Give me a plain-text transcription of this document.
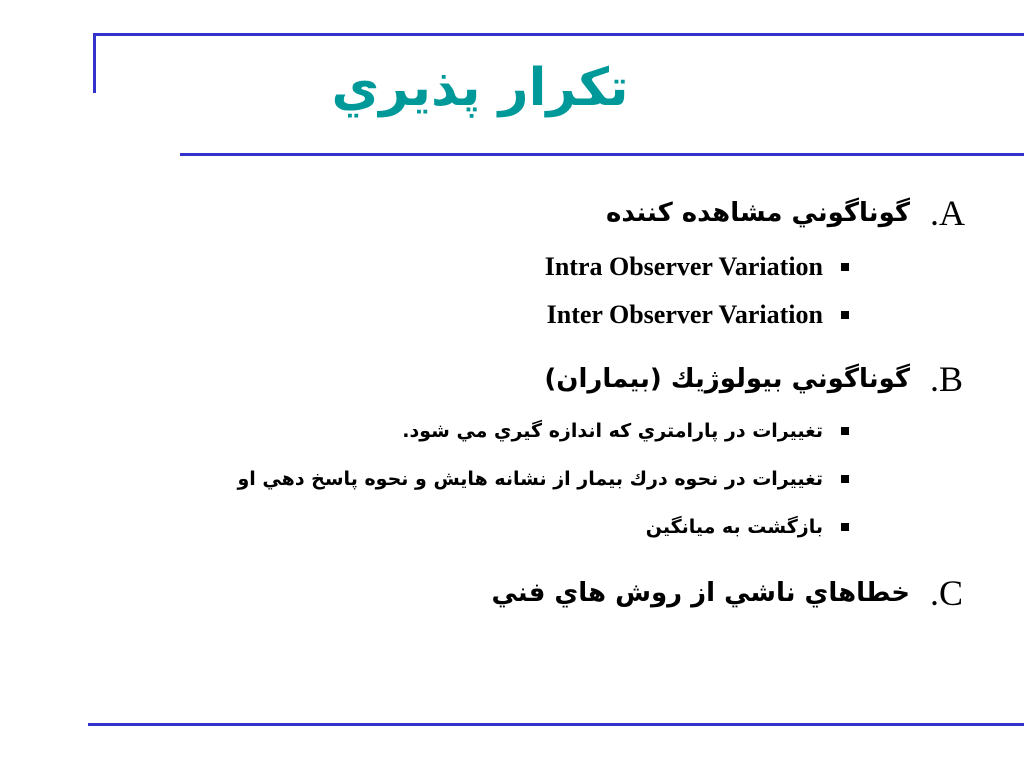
تكرار پذيري
.A
گوناگوني مشاهده كننده
Intra Observer Variation
Inter Observer Variation
.B
گوناگوني بيولوژيك (بيماران)
تغييرات در پارامتري كه اندازه گيري مي شود.
تغييرات در نحوه درك بيمار از نشانه هايش و نحوه پاسخ دهي او
بازگشت به ميانگين
.C
خطاهاي ناشي از روش هاي فني
